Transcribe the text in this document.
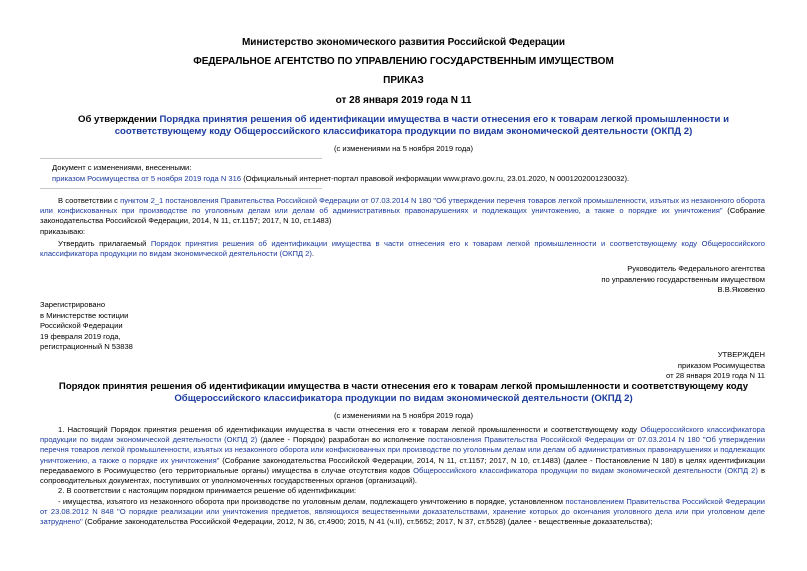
Министерство экономического развития Российской Федерации
ФЕДЕРАЛЬНОЕ АГЕНТСТВО ПО УПРАВЛЕНИЮ ГОСУДАРСТВЕННЫМ ИМУЩЕСТВОМ
ПРИКАЗ
от 28 января 2019 года N 11
Об утверждении Порядка принятия решения об идентификации имущества в части отнесения его к товарам легкой промышленности и соответствующему коду Общероссийского классификатора продукции по видам экономической деятельности (ОКПД 2)
(с изменениями на 5 ноября 2019 года)
Документ с изменениями, внесенными:
приказом Росимущества от 5 ноября 2019 года N 316 (Официальный интернет-портал правовой информации www.pravo.gov.ru, 23.01.2020, N 0001202001230032).
В соответствии с пунктом 2_1 постановления Правительства Российской Федерации от 07.03.2014 N 180 "Об утверждении перечня товаров легкой промышленности, изъятых из незаконного оборота или конфискованных при производстве по уголовным делам или делам об административных правонарушениях и подлежащих уничтожению, а также о порядке их уничтожения" (Собрание законодательства Российской Федерации, 2014, N 11, ст.1157; 2017, N 10, ст.1483)
приказываю:
Утвердить прилагаемый Порядок принятия решения об идентификации имущества в части отнесения его к товарам легкой промышленности и соответствующему коду Общероссийского классификатора продукции по видам экономической деятельности (ОКПД 2).
Руководитель Федерального агентства
по управлению государственным имуществом
В.В.Яковенко
Зарегистрировано
в Министерстве юстиции
Российской Федерации
19 февраля 2019 года,
регистрационный N 53838
УТВЕРЖДЕН
приказом Росимущества
от 28 января 2019 года N 11
Порядок принятия решения об идентификации имущества в части отнесения его к товарам легкой промышленности и соответствующему коду Общероссийского классификатора продукции по видам экономической деятельности (ОКПД 2)
(с изменениями на 5 ноября 2019 года)
1. Настоящий Порядок принятия решения об идентификации имущества в части отнесения его к товарам легкой промышленности и соответствующему коду Общероссийского классификатора продукции по видам экономической деятельности (ОКПД 2) (далее - Порядок) разработан во исполнение постановления Правительства Российской Федерации от 07.03.2014 N 180 "Об утверждении перечня товаров легкой промышленности, изъятых из незаконного оборота или конфискованных при производстве по уголовным делам или делам об административных правонарушениях и подлежащих уничтожению, а также о порядке их уничтожения" (Собрание законодательства Российской Федерации, 2014, N 11, ст.1157; 2017, N 10, ст.1483) (далее - Постановление N 180) в целях идентификации передаваемого в Росимущество (его территориальные органы) имущества в случае отсутствия кодов Общероссийского классификатора продукции по видам экономической деятельности (ОКПД 2) в сопроводительных документах, поступивших от уполномоченных государственных органов (организаций).
2. В соответствии с настоящим порядком принимается решение об идентификации:
- имущества, изъятого из незаконного оборота при производстве по уголовным делам, подлежащего уничтожению в порядке, установленном постановлением Правительства Российской Федерации от 23.08.2012 N 848 "О порядке реализации или уничтожения предметов, являющихся вещественными доказательствами, хранение которых до окончания уголовного дела или при уголовном деле затруднено" (Собрание законодательства Российской Федерации, 2012, N 36, ст.4900; 2015, N 41 (ч.II), ст.5652; 2017, N 37, ст.5528) (далее - вещественные доказательства);
